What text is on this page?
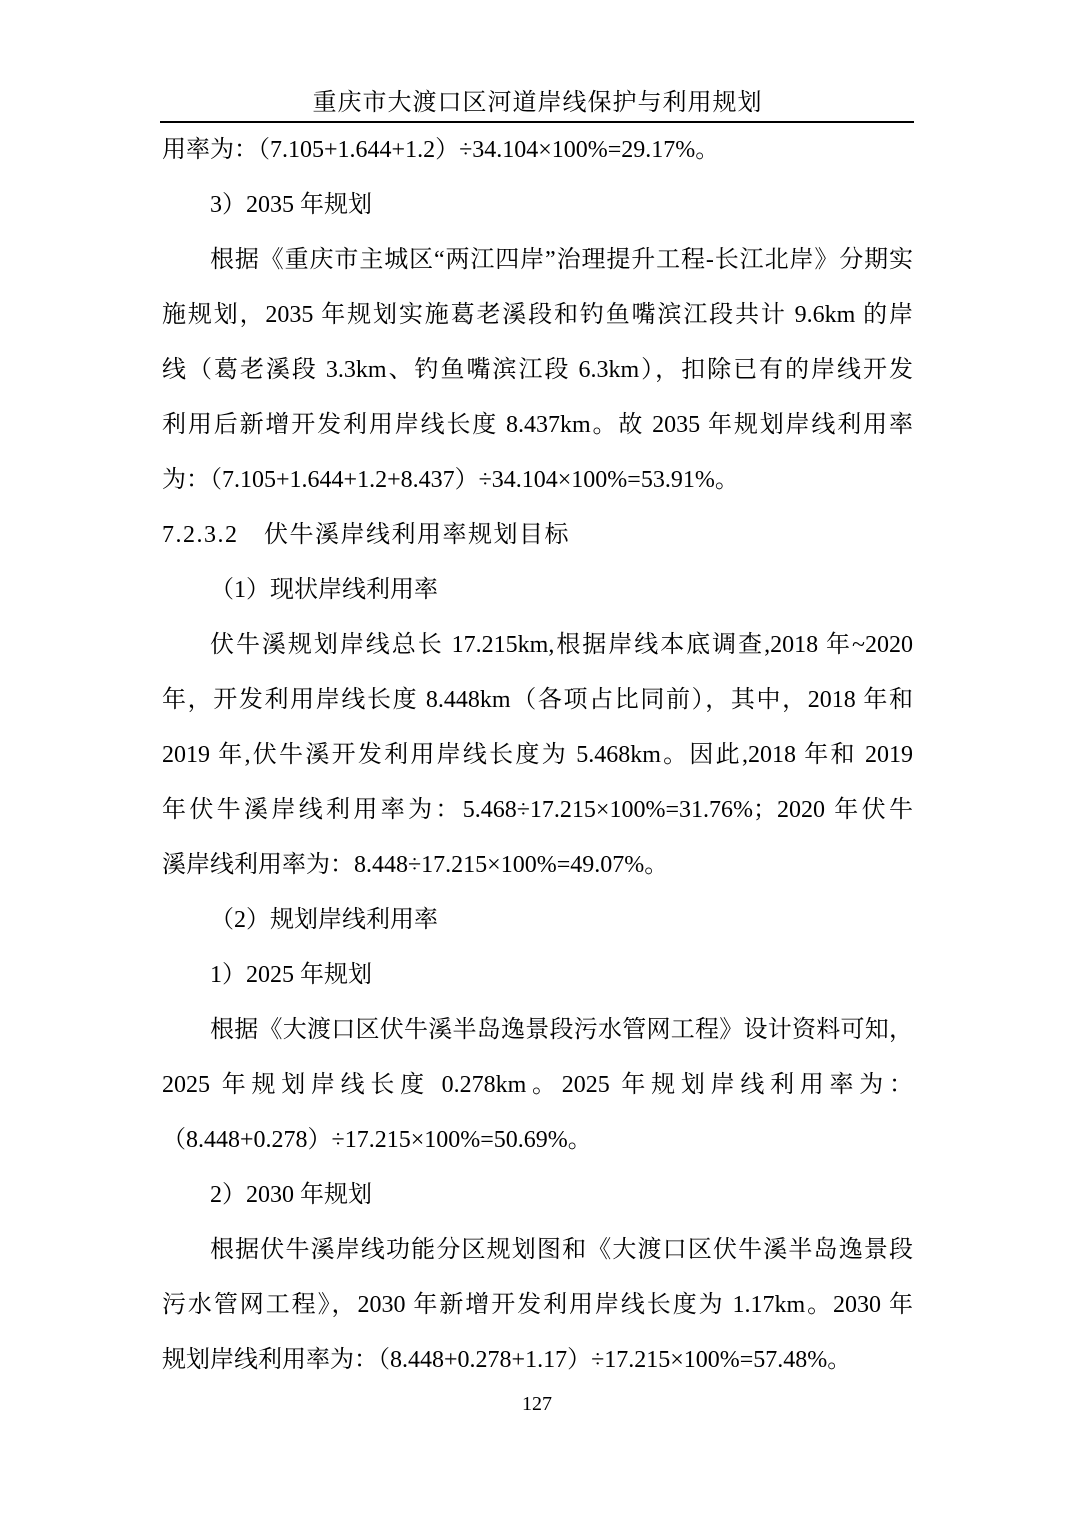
重庆市大渡口区河道岸线保护与利用规划
用率为：（7.105+1.644+1.2）÷34.104×100%=29.17%。
3）2035 年规划
根据《重庆市主城区“两江四岸”治理提升工程-长江北岸》分期实
施规划，2035 年规划实施葛老溪段和钓鱼嘴滨江段共计 9.6km 的岸
线（葛老溪段 3.3km、钓鱼嘴滨江段 6.3km），扣除已有的岸线开发
利用后新增开发利用岸线长度 8.437km。故 2035 年规划岸线利用率
为：（7.105+1.644+1.2+8.437）÷34.104×100%=53.91%。
7.2.3.2　伏牛溪岸线利用率规划目标
（1）现状岸线利用率
伏牛溪规划岸线总长 17.215km,根据岸线本底调查,2018 年~2020
年，开发利用岸线长度 8.448km（各项占比同前），其中，2018 年和
2019 年,伏牛溪开发利用岸线长度为 5.468km。因此,2018 年和 2019
年伏牛溪岸线利用率为：5.468÷17.215×100%=31.76%；2020 年伏牛
溪岸线利用率为：8.448÷17.215×100%=49.07%。
（2）规划岸线利用率
1）2025 年规划
根据《大渡口区伏牛溪半岛逸景段污水管网工程》设计资料可知，
2025 年规划岸线长度 0.278km。2025 年规划岸线利用率为：
（8.448+0.278）÷17.215×100%=50.69%。
2）2030 年规划
根据伏牛溪岸线功能分区规划图和《大渡口区伏牛溪半岛逸景段
污水管网工程》，2030 年新增开发利用岸线长度为 1.17km。2030 年
规划岸线利用率为：（8.448+0.278+1.17）÷17.215×100%=57.48%。
127
